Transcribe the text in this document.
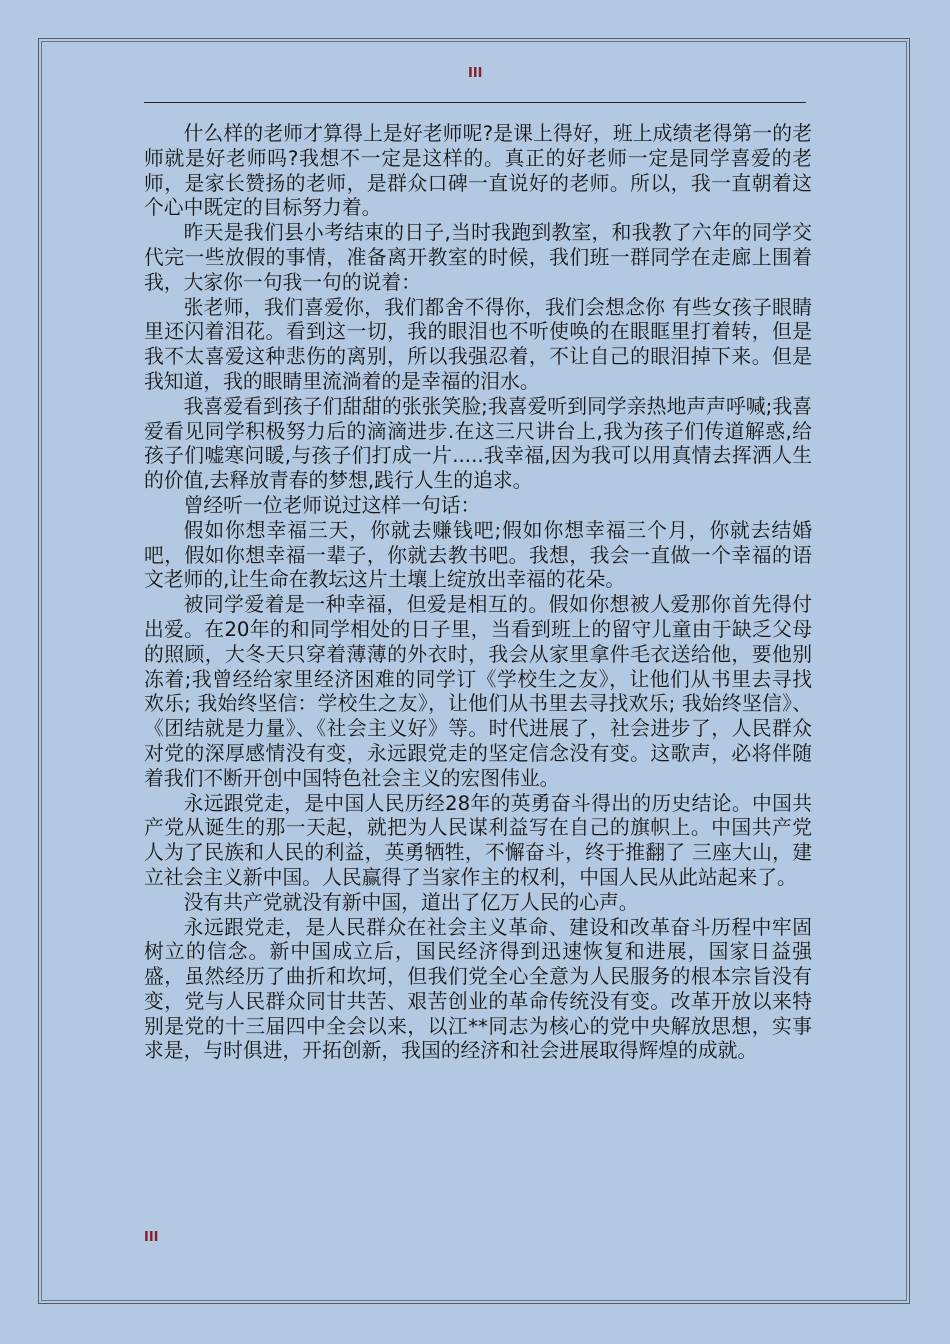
III

什么样的老师才算得上是好老师呢?是课上得好，班上成绩老得第一的老师就是好老师吗?我想不一定是这样的。真正的好老师一定是同学喜爱的老师，是家长赞扬的老师，是群众口碑一直说好的老师。所以，我一直朝着这个心中既定的目标努力着。

昨天是我们县小考结束的日子,当时我跑到教室，和我教了六年的同学交代完一些放假的事情，准备离开教室的时候，我们班一群同学在走廊上围着我，大家你一句我一句的说着：

张老师，我们喜爱你，我们都舍不得你，我们会想念你 有些女孩子眼睛里还闪着泪花。看到这一切，我的眼泪也不听使唤的在眼眶里打着转，但是我不太喜爱这种悲伤的离别，所以我强忍着，不让自己的眼泪掉下来。但是我知道，我的眼睛里流淌着的是幸福的泪水。

我喜爱看到孩子们甜甜的张张笑脸;我喜爱听到同学亲热地声声呼喊;我喜爱看见同学积极努力后的滴滴进步.在这三尺讲台上,我为孩子们传道解惑,给孩子们嘘寒问暖,与孩子们打成一片.....我幸福,因为我可以用真情去挥洒人生的价值,去释放青春的梦想,践行人生的追求。

曾经听一位老师说过这样一句话：

假如你想幸福三天，你就去赚钱吧;假如你想幸福三个月，你就去结婚吧，假如你想幸福一辈子，你就去教书吧。我想，我会一直做一个幸福的语文老师的,让生命在教坛这片土壤上绽放出幸福的花朵。

被同学爱着是一种幸福，但爱是相互的。假如你想被人爱那你首先得付出爱。在20年的和同学相处的日子里，当看到班上的留守儿童由于缺乏父母的照顾，大冬天只穿着薄薄的外衣时，我会从家里拿件毛衣送给他，要他别冻着;我曾经给家里经济困难的同学订《学校生之友》，让他们从书里去寻找欢乐; 我始终坚信：学校生之友》，让他们从书里去寻找欢乐; 我始终坚信》、《团结就是力量》、《社会主义好》等。时代进展了，社会进步了，人民群众对党的深厚感情没有变，永远跟党走的坚定信念没有变。这歌声，必将伴随着我们不断开创中国特色社会主义的宏图伟业。

永远跟党走，是中国人民历经28年的英勇奋斗得出的历史结论。中国共产党从诞生的那一天起，就把为人民谋利益写在自己的旗帜上。中国共产党人为了民族和人民的利益，英勇牺牲，不懈奋斗，终于推翻了 三座大山，建立社会主义新中国。人民赢得了当家作主的权利，中国人民从此站起来了。

没有共产党就没有新中国，道出了亿万人民的心声。

永远跟党走，是人民群众在社会主义革命、建设和改革奋斗历程中牢固树立的信念。新中国成立后，国民经济得到迅速恢复和进展，国家日益强盛，虽然经历了曲折和坎坷，但我们党全心全意为人民服务的根本宗旨没有变，党与人民群众同甘共苦、艰苦创业的革命传统没有变。改革开放以来特别是党的十三届四中全会以来，以江**同志为核心的党中央解放思想，实事求是，与时俱进，开拓创新，我国的经济和社会进展取得辉煌的成就。

III
